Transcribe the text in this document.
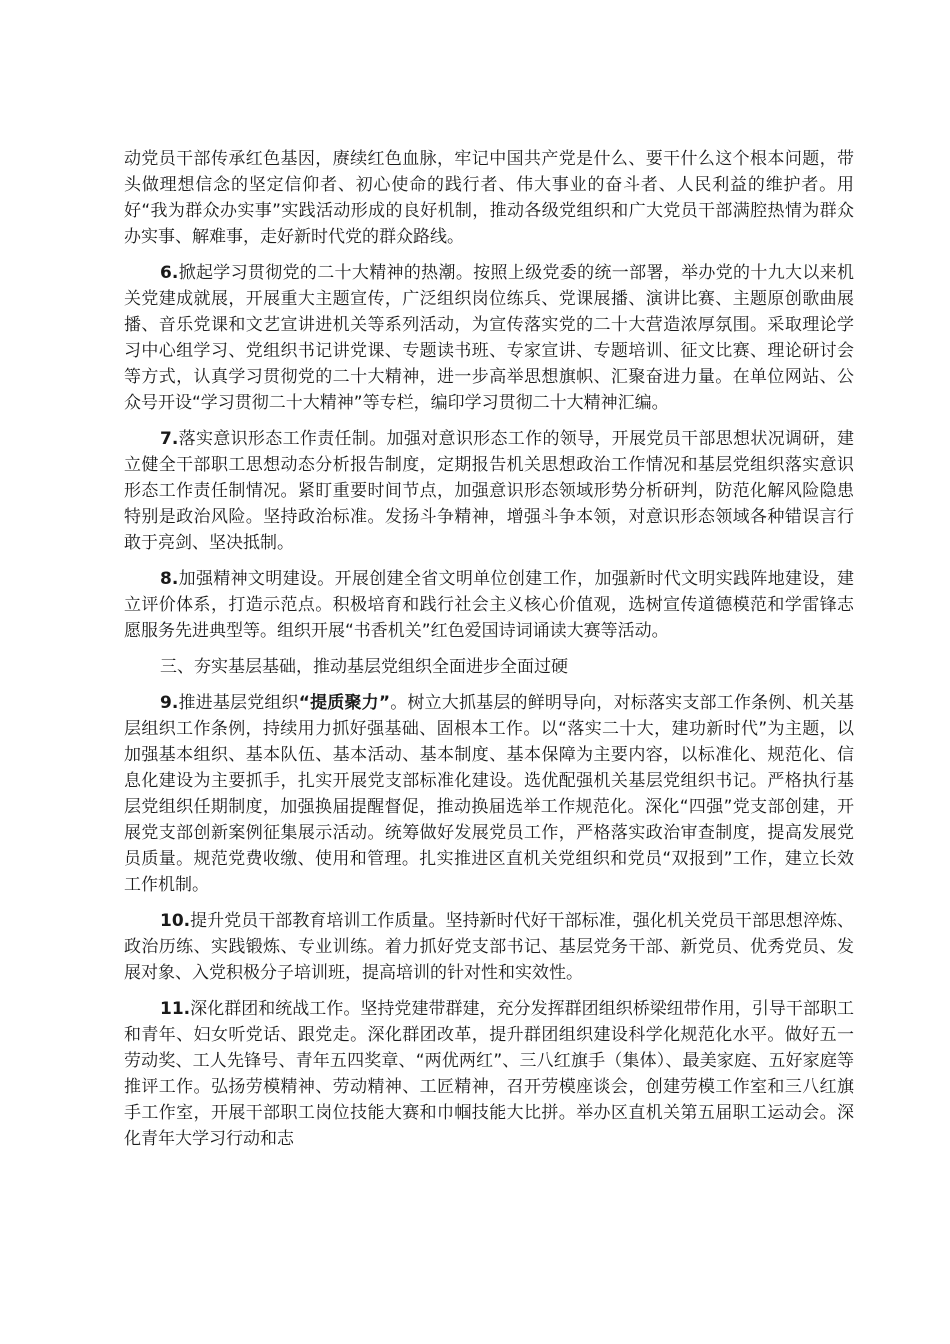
动党员干部传承红色基因，赓续红色血脉，牢记中国共产党是什么、要干什么这个根本问题，带头做理想信念的坚定信仰者、初心使命的践行者、伟大事业的奋斗者、人民利益的维护者。用好“我为群众办实事”实践活动形成的良好机制，推动各级党组织和广大党员干部满腔热情为群众办实事、解难事，走好新时代党的群众路线。

6.掀起学习贯彻党的二十大精神的热潮。按照上级党委的统一部署，举办党的十九大以来机关党建成就展，开展重大主题宣传，广泛组织岗位练兵、党课展播、演讲比赛、主题原创歌曲展播、音乐党课和文艺宣讲进机关等系列活动，为宣传落实党的二十大营造浓厚氛围。采取理论学习中心组学习、党组织书记讲党课、专题读书班、专家宣讲、专题培训、征文比赛、理论研讨会等方式，认真学习贯彻党的二十大精神，进一步高举思想旗帜、汇聚奋进力量。在单位网站、公众号开设“学习贯彻二十大精神”等专栏，编印学习贯彻二十大精神汇编。

7.落实意识形态工作责任制。加强对意识形态工作的领导，开展党员干部思想状况调研，建立健全干部职工思想动态分析报告制度，定期报告机关思想政治工作情况和基层党组织落实意识形态工作责任制情况。紧盯重要时间节点，加强意识形态领域形势分析研判，防范化解风险隐患特别是政治风险。坚持政治标准。发扬斗争精神，增强斗争本领，对意识形态领域各种错误言行敢于亮剑、坚决抵制。

8.加强精神文明建设。开展创建全省文明单位创建工作，加强新时代文明实践阵地建设，建立评价体系，打造示范点。积极培育和践行社会主义核心价值观，选树宣传道德模范和学雷锋志愿服务先进典型等。组织开展“书香机关”红色爱国诗词诵读大赛等活动。

三、夯实基层基础，推动基层党组织全面进步全面过硬

9.推进基层党组织“提质聚力”。树立大抓基层的鲜明导向，对标落实支部工作条例、机关基层组织工作条例，持续用力抓好强基础、固根本工作。以“落实二十大，建功新时代”为主题，以加强基本组织、基本队伍、基本活动、基本制度、基本保障为主要内容，以标准化、规范化、信息化建设为主要抓手，扎实开展党支部标准化建设。选优配强机关基层党组织书记。严格执行基层党组织任期制度，加强换届提醒督促，推动换届选举工作规范化。深化“四强”党支部创建，开展党支部创新案例征集展示活动。统筹做好发展党员工作，严格落实政治审查制度，提高发展党员质量。规范党费收缴、使用和管理。扎实推进区直机关党组织和党员“双报到”工作，建立长效工作机制。

10.提升党员干部教育培训工作质量。坚持新时代好干部标准，强化机关党员干部思想淬炼、政治历练、实践锻炼、专业训练。着力抓好党支部书记、基层党务干部、新党员、优秀党员、发展对象、入党积极分子培训班，提高培训的针对性和实效性。

11.深化群团和统战工作。坚持党建带群建，充分发挥群团组织桥梁纽带作用，引导干部职工和青年、妇女听党话、跟党走。深化群团改革，提升群团组织建设科学化规范化水平。做好五一劳动奖、工人先锋号、青年五四奖章、“两优两红”、三八红旗手（集体）、最美家庭、五好家庭等推评工作。弘扬劳模精神、劳动精神、工匠精神，召开劳模座谈会，创建劳模工作室和三八红旗手工作室，开展干部职工岗位技能大赛和巾帼技能大比拼。举办区直机关第五届职工运动会。深化青年大学习行动和志
